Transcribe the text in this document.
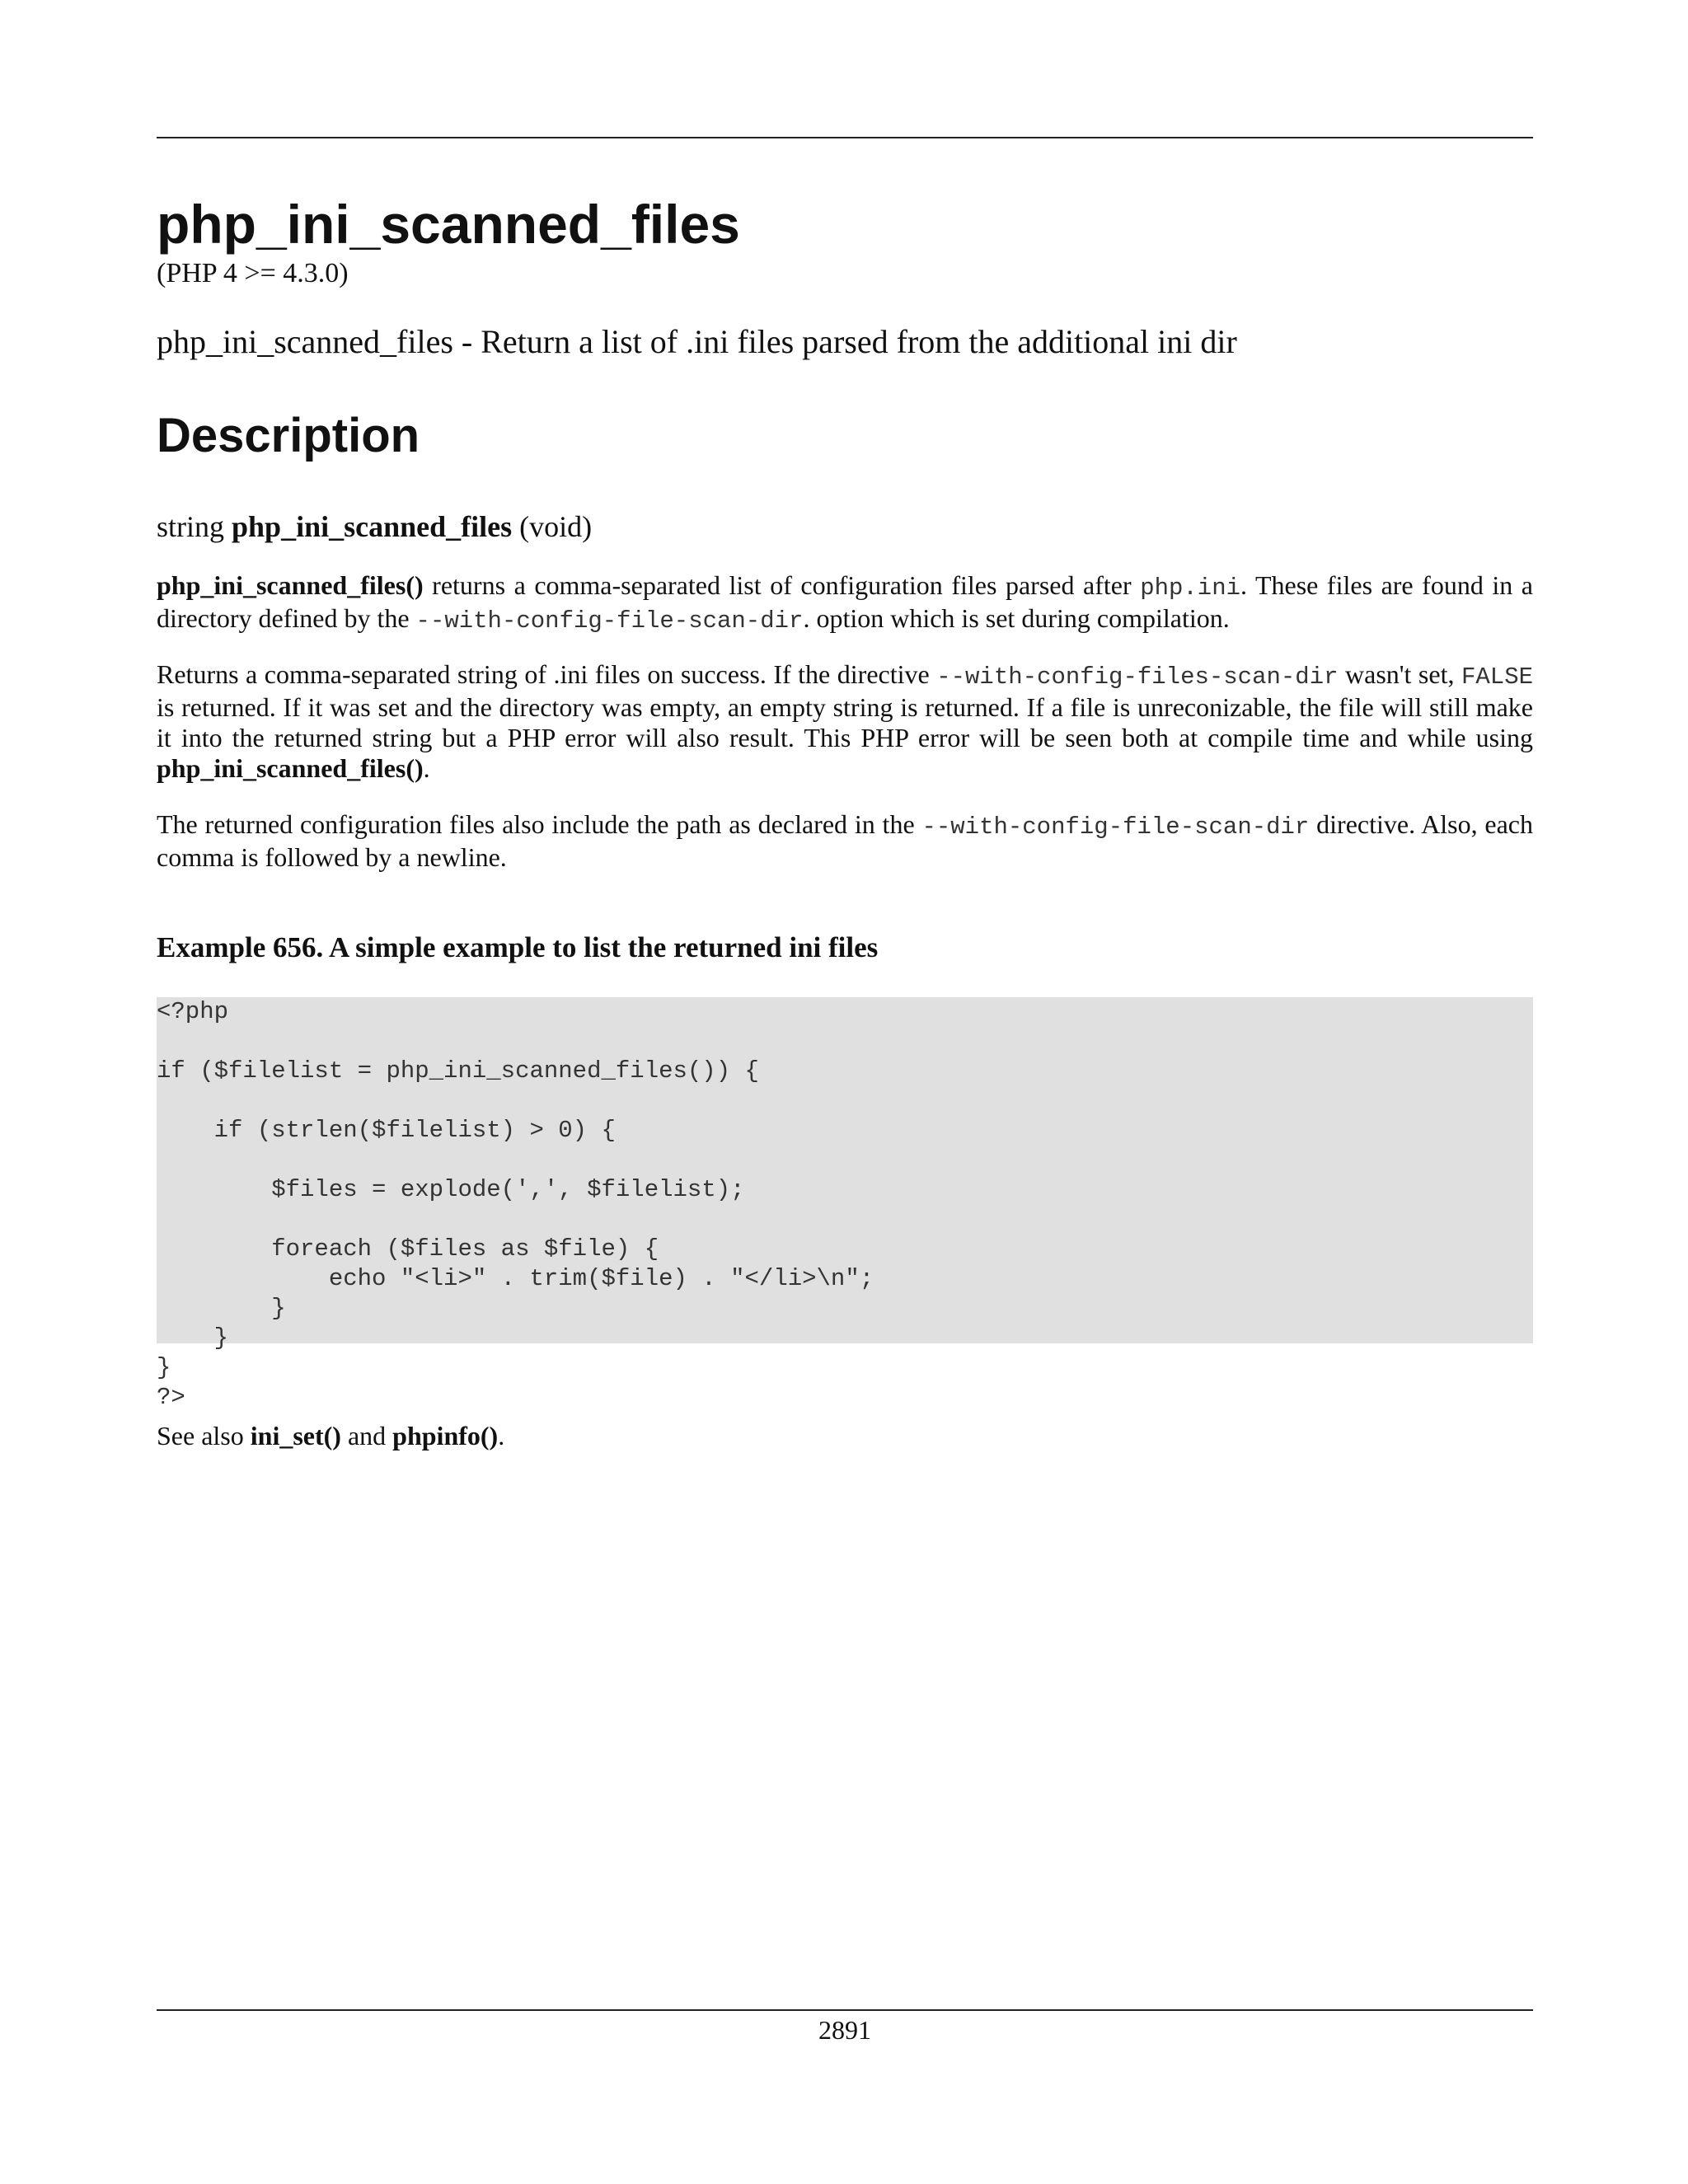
php_ini_scanned_files
(PHP 4 >= 4.3.0)
php_ini_scanned_files - Return a list of .ini files parsed from the additional ini dir
Description
string php_ini_scanned_files (void)

php_ini_scanned_files() returns a comma-separated list of configuration files parsed after php.ini. These files are found in a directory defined by the --with-config-file-scan-dir. option which is set during compilation.

Returns a comma-separated string of .ini files on success. If the directive --with-config-files-scan-dir wasn't set, FALSE is returned. If it was set and the directory was empty, an empty string is returned. If a file is unreconizable, the file will still make it into the returned string but a PHP error will also result. This PHP error will be seen both at compile time and while using php_ini_scanned_files().

The returned configuration files also include the path as declared in the --with-config-file-scan-dir directive. Also, each comma is followed by a newline.

Example 656. A simple example to list the returned ini files
<?php

if ($filelist = php_ini_scanned_files()) {

if (strlen($filelist) > 0) {

$files = explode(',', $filelist);

foreach ($files as $file) {
echo "<li>" . trim($file) . "</li>\n";
}
}
}
?>
See also ini_set() and phpinfo().
2891
